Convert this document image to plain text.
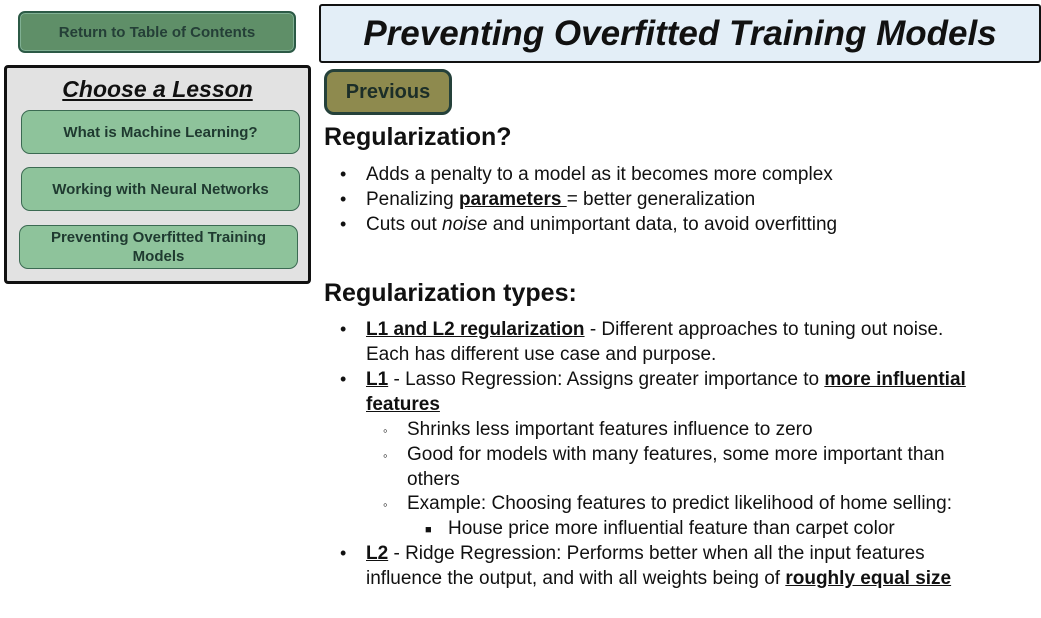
Return to Table of Contents
Choose a Lesson
What is Machine Learning?
Working with Neural Networks
Preventing Overfitted Training Models
Preventing Overfitted Training Models
Previous
Regularization?
• Adds a penalty to a model as it becomes more complex
• Penalizing parameters = better generalization
• Cuts out noise and unimportant data, to avoid overfitting
Regularization types:
• L1 and L2 regularization - Different approaches to tuning out noise.
Each has different use case and purpose.
• L1 - Lasso Regression: Assigns greater importance to more influential
features
◦ Shrinks less important features influence to zero
◦ Good for models with many features, some more important than
others
◦ Example: Choosing features to predict likelihood of home selling:
■ House price more influential feature than carpet color
• L2 - Ridge Regression: Performs better when all the input features
influence the output, and with all weights being of roughly equal size
